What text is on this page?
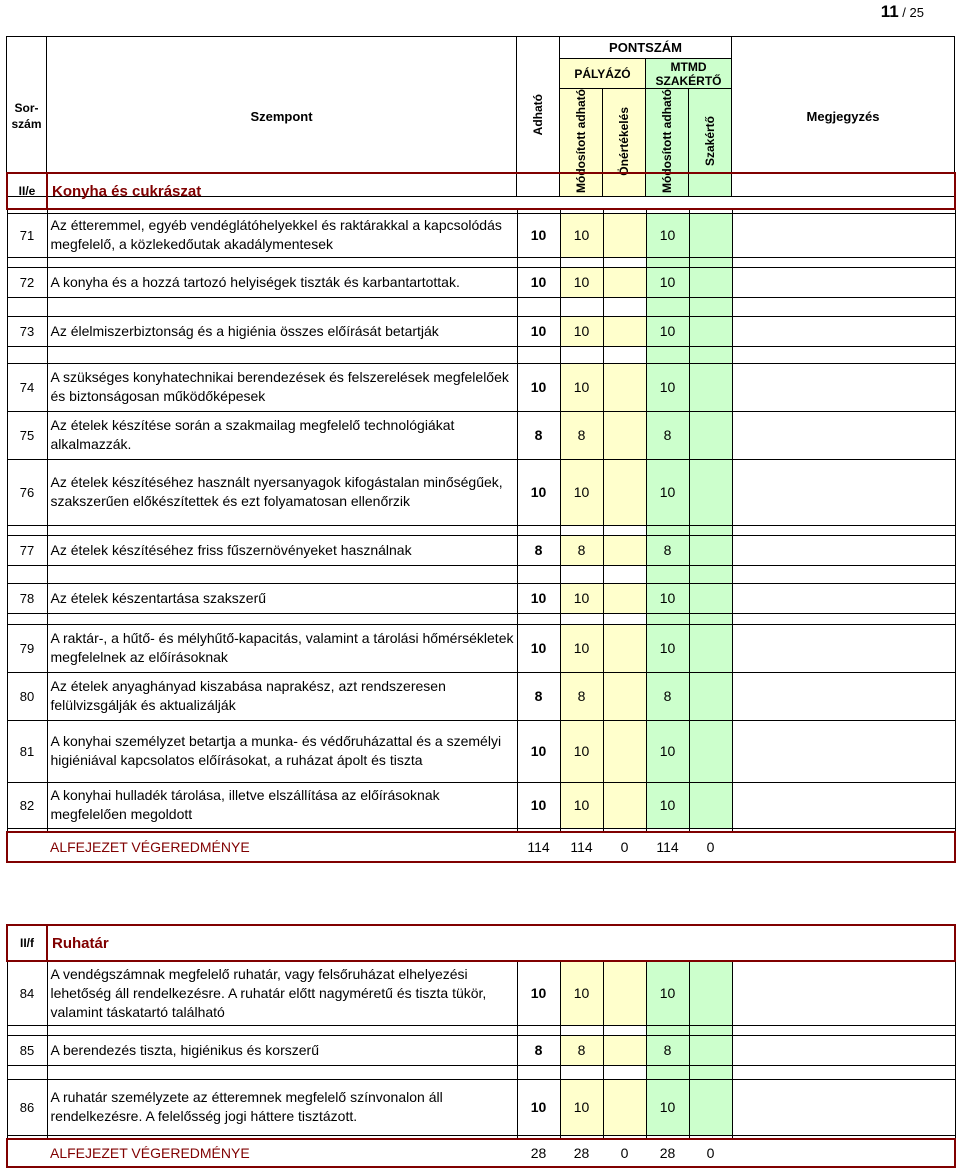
11 / 25
Sor-szám	Szempont	Adható	PONTSZÁM				Megjegyzés
			PÁLYÁZÓ		MTMD SZAKÉRTŐ		
			Módosított adható	Önértékelés	Módosított adható	Szakértő	
II/e	Konyha és cukrászat						

71	Az étteremmel, egyéb vendéglátóhelyekkel és raktárakkal a kapcsolódás megfelelő, a közlekedőutak akadálymentesek	10	10		10		

72	A konyha és a hozzá tartozó helyiségek tiszták és karbantartottak.	10	10		10		

73	Az élelmiszerbiztonság és a higiénia összes előírását betartják	10	10		10		

74	A szükséges konyhatechnikai berendezések és felszerelések megfelelőek és biztonságosan működőképesek	10	10		10		
75	Az ételek készítése során a szakmailag megfelelő technológiákat alkalmazzák.	8	8		8		
76	Az ételek készítéséhez használt nyersanyagok kifogástalan minőségűek, szakszerűen előkészítettek és ezt folyamatosan ellenőrzik	10	10		10		

77	Az ételek készítéséhez friss fűszernövényeket használnak	8	8		8		

78	Az ételek készentartása szakszerű	10	10		10		

79	A raktár-, a hűtő- és mélyhűtő-kapacitás, valamint a tárolási hőmérsékletek megfelelnek az előírásoknak	10	10		10		
80	Az ételek anyaghányad kiszabása naprakész, azt rendszeresen felülvizsgálják és aktualizálják	8	8		8		
81	A konyhai személyzet betartja a munka- és védőruházattal és a személyi higiéniával kapcsolatos előírásokat, a ruházat ápolt és tiszta	10	10		10		
82	A konyhai hulladék tárolása, illetve elszállítása az előírásoknak megfelelően megoldott	10	10		10		

	ALFEJEZET VÉGEREDMÉNYE	114	114	0	114	0	
II/f	Ruhatár						
84	A vendégszámnak megfelelő ruhatár, vagy felsőruházat elhelyezési lehetőség áll rendelkezésre. A ruhatár előtt nagyméretű és tiszta tükör, valamint táskatartó található	10	10		10		

85	A berendezés tiszta, higiénikus és korszerű	8	8		8		

86	A ruhatár személyzete az étteremnek megfelelő színvonalon áll rendelkezésre. A felelősség jogi háttere tisztázott.	10	10		10		

	ALFEJEZET VÉGEREDMÉNYE	28	28	0	28	0	
